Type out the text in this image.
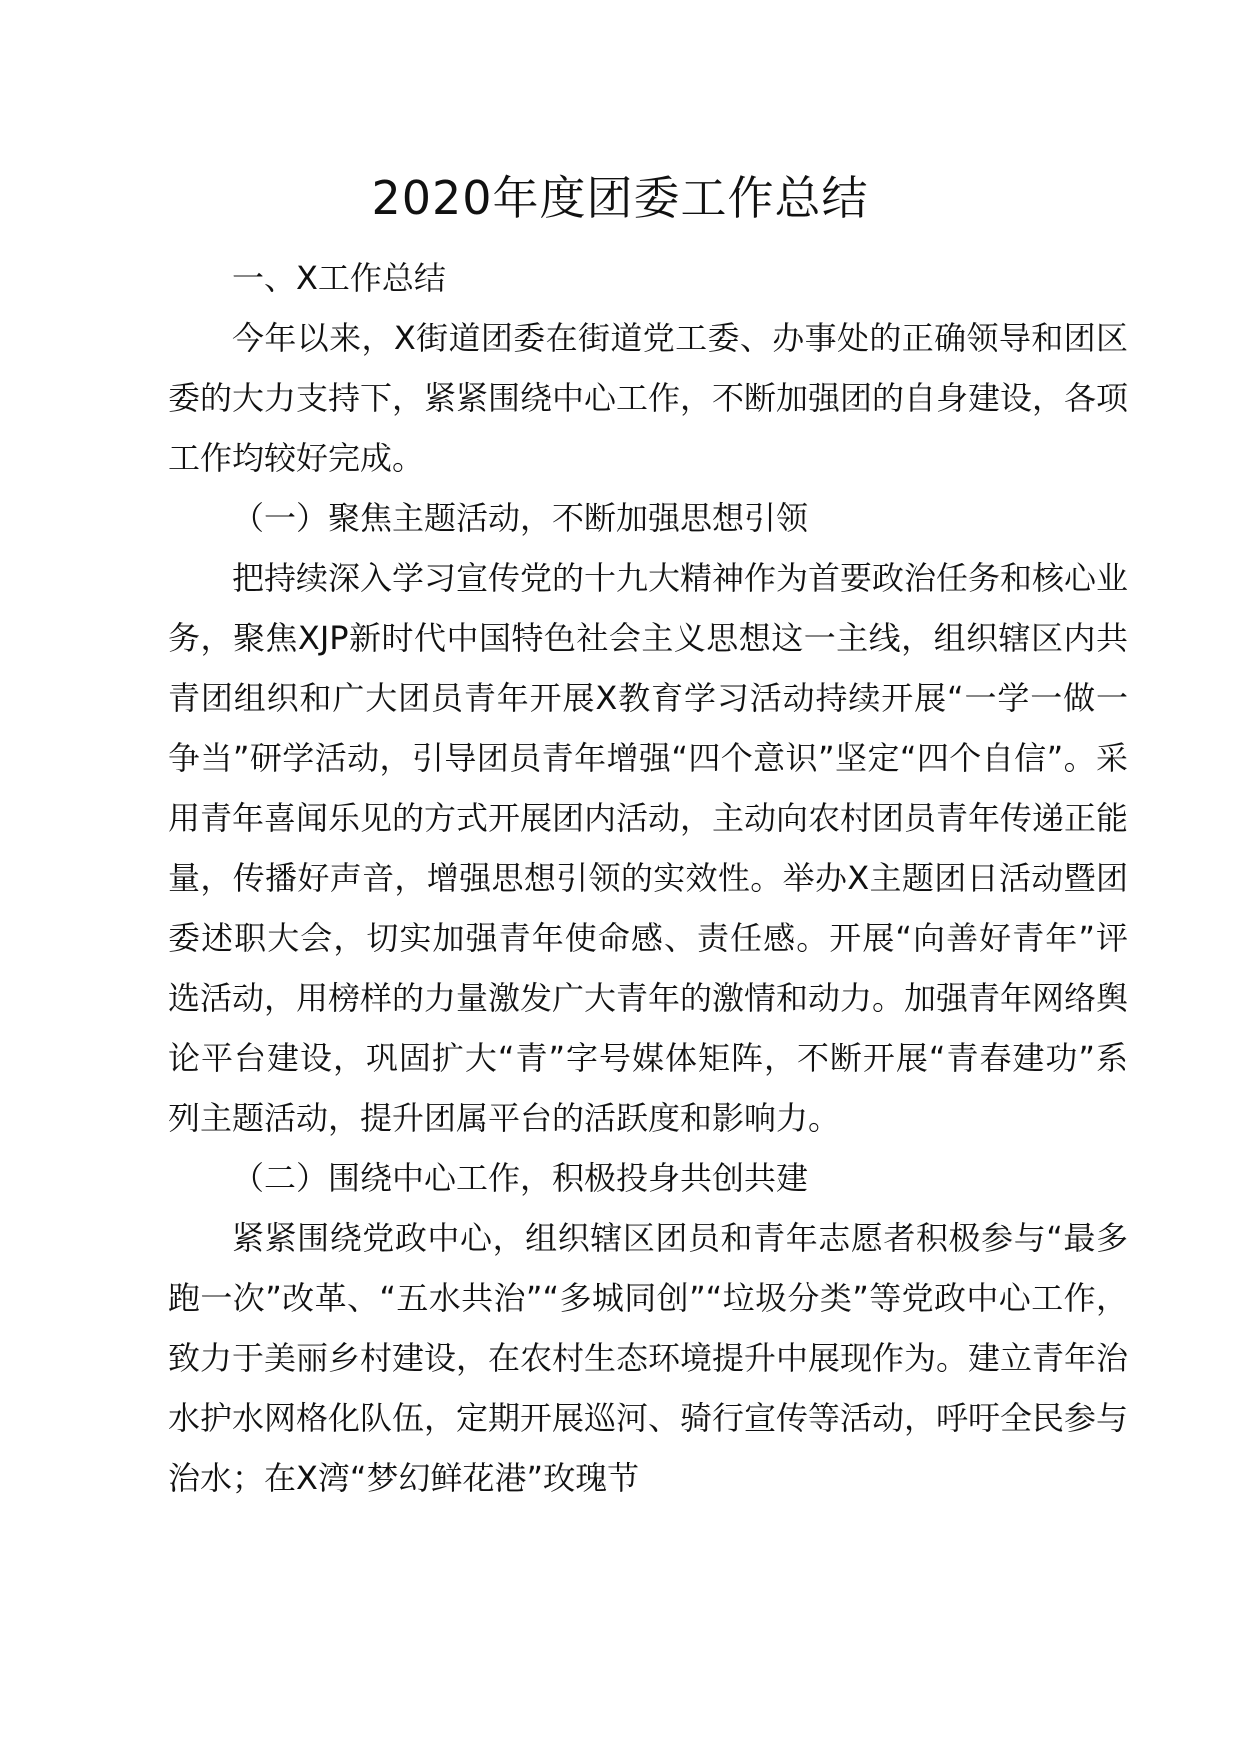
2020年度团委工作总结

一、X工作总结

今年以来，X街道团委在街道党工委、办事处的正确领导和团区委的大力支持下，紧紧围绕中心工作，不断加强团的自身建设，各项工作均较好完成。

（一）聚焦主题活动，不断加强思想引领

把持续深入学习宣传党的十九大精神作为首要政治任务和核心业务，聚焦XJP新时代中国特色社会主义思想这一主线，组织辖区内共青团组织和广大团员青年开展X教育学习活动持续开展“一学一做一争当”研学活动，引导团员青年增强“四个意识”坚定“四个自信”。采用青年喜闻乐见的方式开展团内活动，主动向农村团员青年传递正能量，传播好声音，增强思想引领的实效性。举办X主题团日活动暨团委述职大会，切实加强青年使命感、责任感。开展“向善好青年”评选活动，用榜样的力量激发广大青年的激情和动力。加强青年网络舆论平台建设，巩固扩大“青”字号媒体矩阵，不断开展“青春建功”系列主题活动，提升团属平台的活跃度和影响力。

（二）围绕中心工作，积极投身共创共建

紧紧围绕党政中心，组织辖区团员和青年志愿者积极参与“最多跑一次”改革、“五水共治”“多城同创”“垃圾分类”等党政中心工作，致力于美丽乡村建设，在农村生态环境提升中展现作为。建立青年治水护水网格化队伍，定期开展巡河、骑行宣传等活动，呼吁全民参与治水；在X湾“梦幻鲜花港”玫瑰节
